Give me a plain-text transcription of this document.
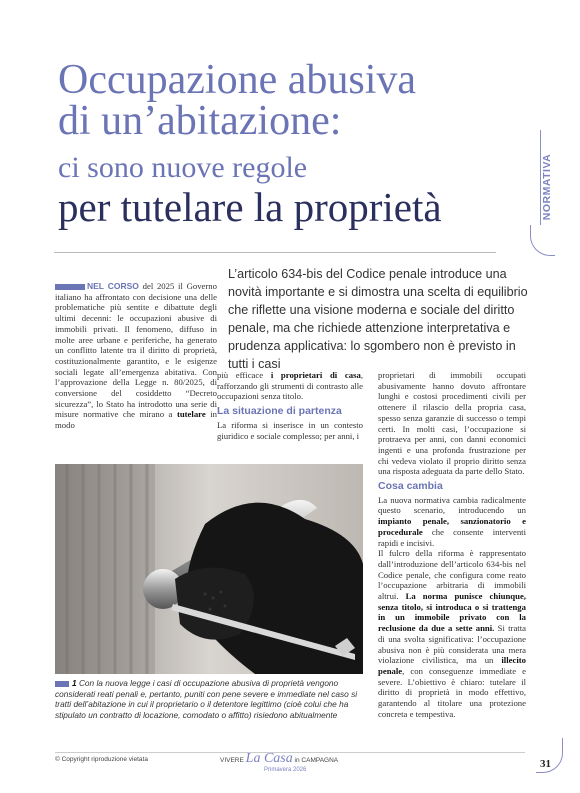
Occupazione abusiva
di un’abitazione:
ci sono nuove regole
per tutelare la proprietà	NORMATIVA
L’articolo 634-bis del Codice penale introduce una novità importante e si dimostra una scelta di equilibrio che riflette una visione moderna e sociale del diritto penale, ma che richiede attenzione interpretativa e prudenza applicativa: lo sgombero non è previsto in tutti i casi
NEL CORSO del 2025 il Governo italiano ha affrontato con decisione una delle problematiche più sentite e dibattute degli ultimi decenni: le occupazioni abusive di immobili privati. Il fenomeno, diffuso in molte aree urbane e periferiche, ha generato un conflitto latente tra il diritto di proprietà, costituzionalmente garantito, e le esigenze sociali legate all’emergenza abitativa. Con l’approvazione della Legge n. 80/2025, di conversione del cosiddetto “Decreto sicurezza”, lo Stato ha introdotto una serie di misure normative che mirano a tutelare in modo
più efficace i proprietari di casa, rafforzando gli strumenti di contrasto alle occupazioni senza titolo.
La situazione di partenza
La riforma si inserisce in un contesto giuridico e sociale complesso; per anni, i
proprietari di immobili occupati abusivamente hanno dovuto affrontare lunghi e costosi procedimenti civili per ottenere il rilascio della propria casa, spesso senza garanzie di successo o tempi certi. In molti casi, l’occupazione si protraeva per anni, con danni economici ingenti e una profonda frustrazione per chi vedeva violato il proprio diritto senza una risposta adeguata da parte dello Stato.
Cosa cambia
La nuova normativa cambia radicalmente questo scenario, introducendo un impianto penale, sanzionatorio e procedurale che consente interventi rapidi e incisivi.
Il fulcro della riforma è rappresentato dall’introduzione dell’articolo 634-bis nel Codice penale, che configura come reato l’occupazione arbitraria di immobili altrui. La norma punisce chiunque, senza titolo, si introduca o si trattenga in un immobile privato con la reclusione da due a sette anni. Si tratta di una svolta significativa: l’occupazione abusiva non è più considerata una mera violazione civilistica, ma un illecito penale, con conseguenze immediate e severe. L’obiettivo è chiaro: tutelare il diritto di proprietà in modo effettivo, garantendo al titolare una protezione concreta e tempestiva.
1 Con la nuova legge i casi di occupazione abusiva di proprietà vengono considerati reati penali e, pertanto, puniti con pene severe e immediate nel caso si tratti dell’abitazione in cui il proprietario o il detentore legittimo (cioè colui che ha stipulato un contratto di locazione, comodato o affitto) risiedono abitualmente
© Copyright riproduzione vietata	VIVERE La Casa in CAMPAGNA
Primavera 2026	31
